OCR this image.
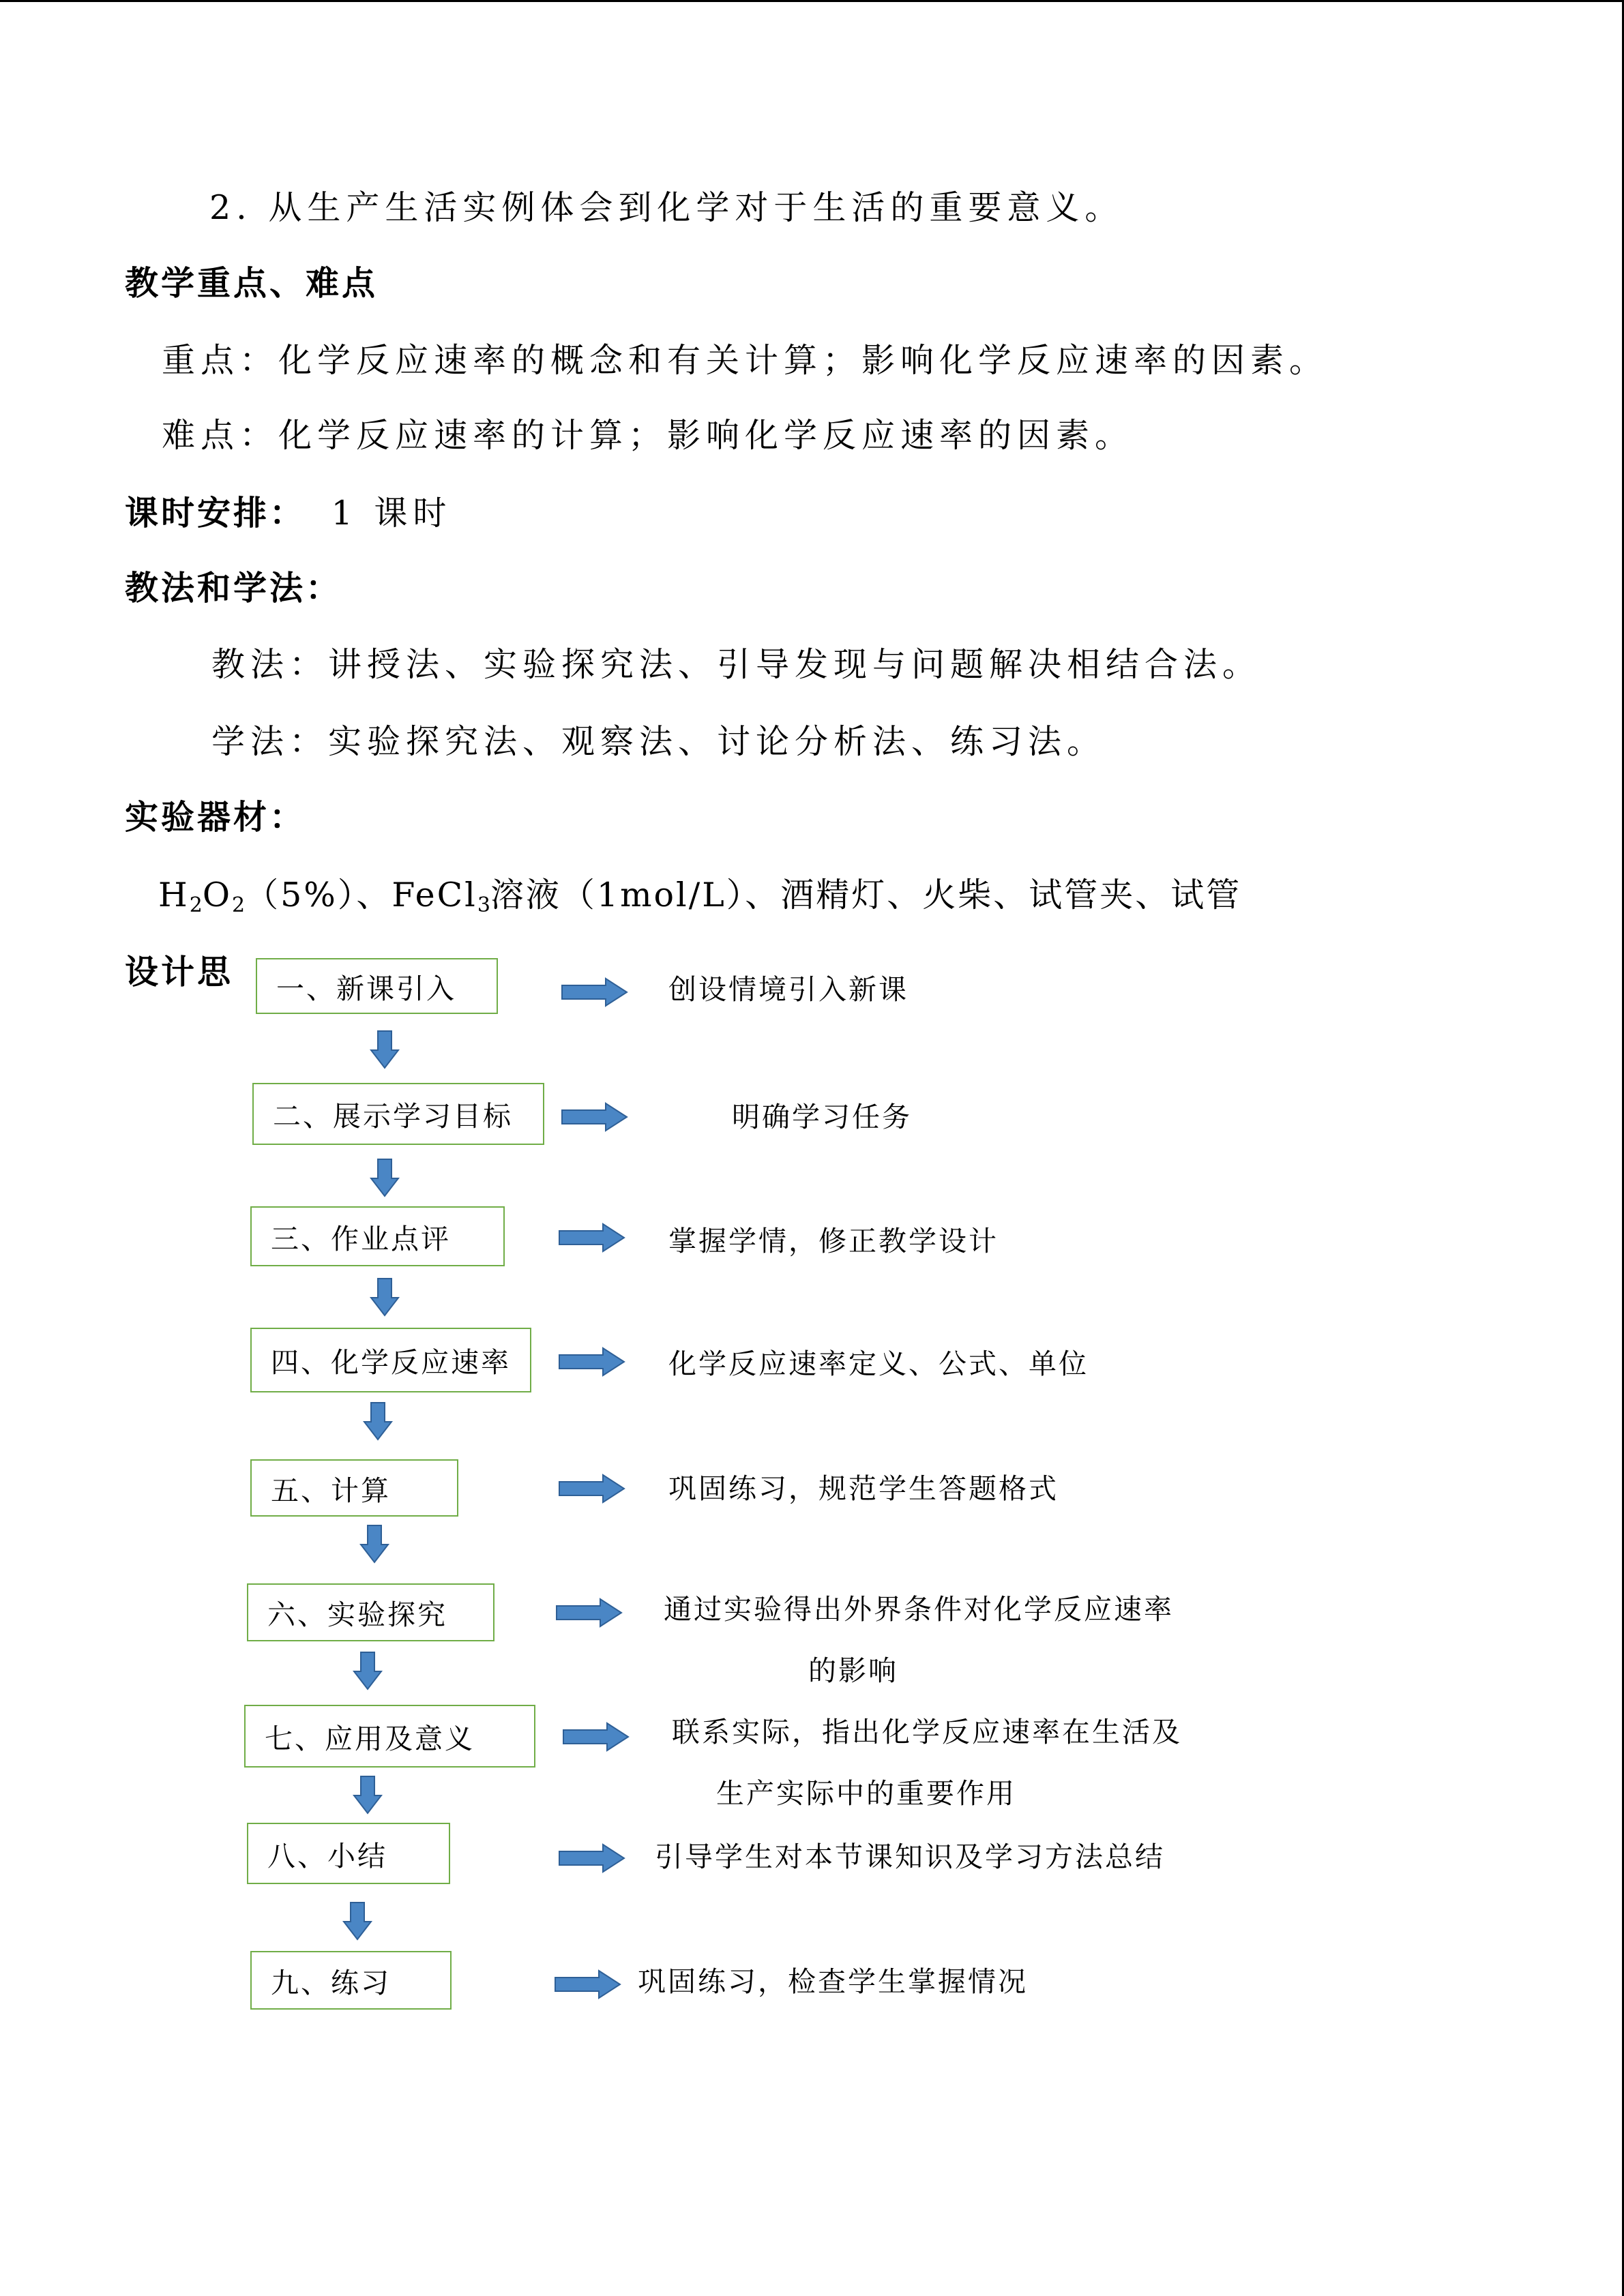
2. 从生产生活实例体会到化学对于生活的重要意义。
教学重点、难点
重点：化学反应速率的概念和有关计算；影响化学反应速率的因素。
难点：化学反应速率的计算；影响化学反应速率的因素。
课时安排： 1 课时
教法和学法：
教法：讲授法、实验探究法、引导发现与问题解决相结合法。
学法：实验探究法、观察法、讨论分析法、练习法。
实验器材：
$H_2O_2(5\%)$、FeCl$_3$溶液（1mol/L）、酒精灯、火柴、试管夹、试管
设计思 一、新课引入	创设情境引入新课
二、展示学习目标	明确学习任务
三、作业点评	掌握学情，修正教学设计
四、化学反应速率	化学反应速率定义、公式、单位
五、计算	巩固练习，规范学生答题格式
六、实验探究	通过实验得出外界条件对化学反应速率
的影响
七、应用及意义	联系实际，指出化学反应速率在生活及
生产实际中的重要作用
八、小结	引导学生对本节课知识及学习方法总结
九、练习	巩固练习，检查学生掌握情况
